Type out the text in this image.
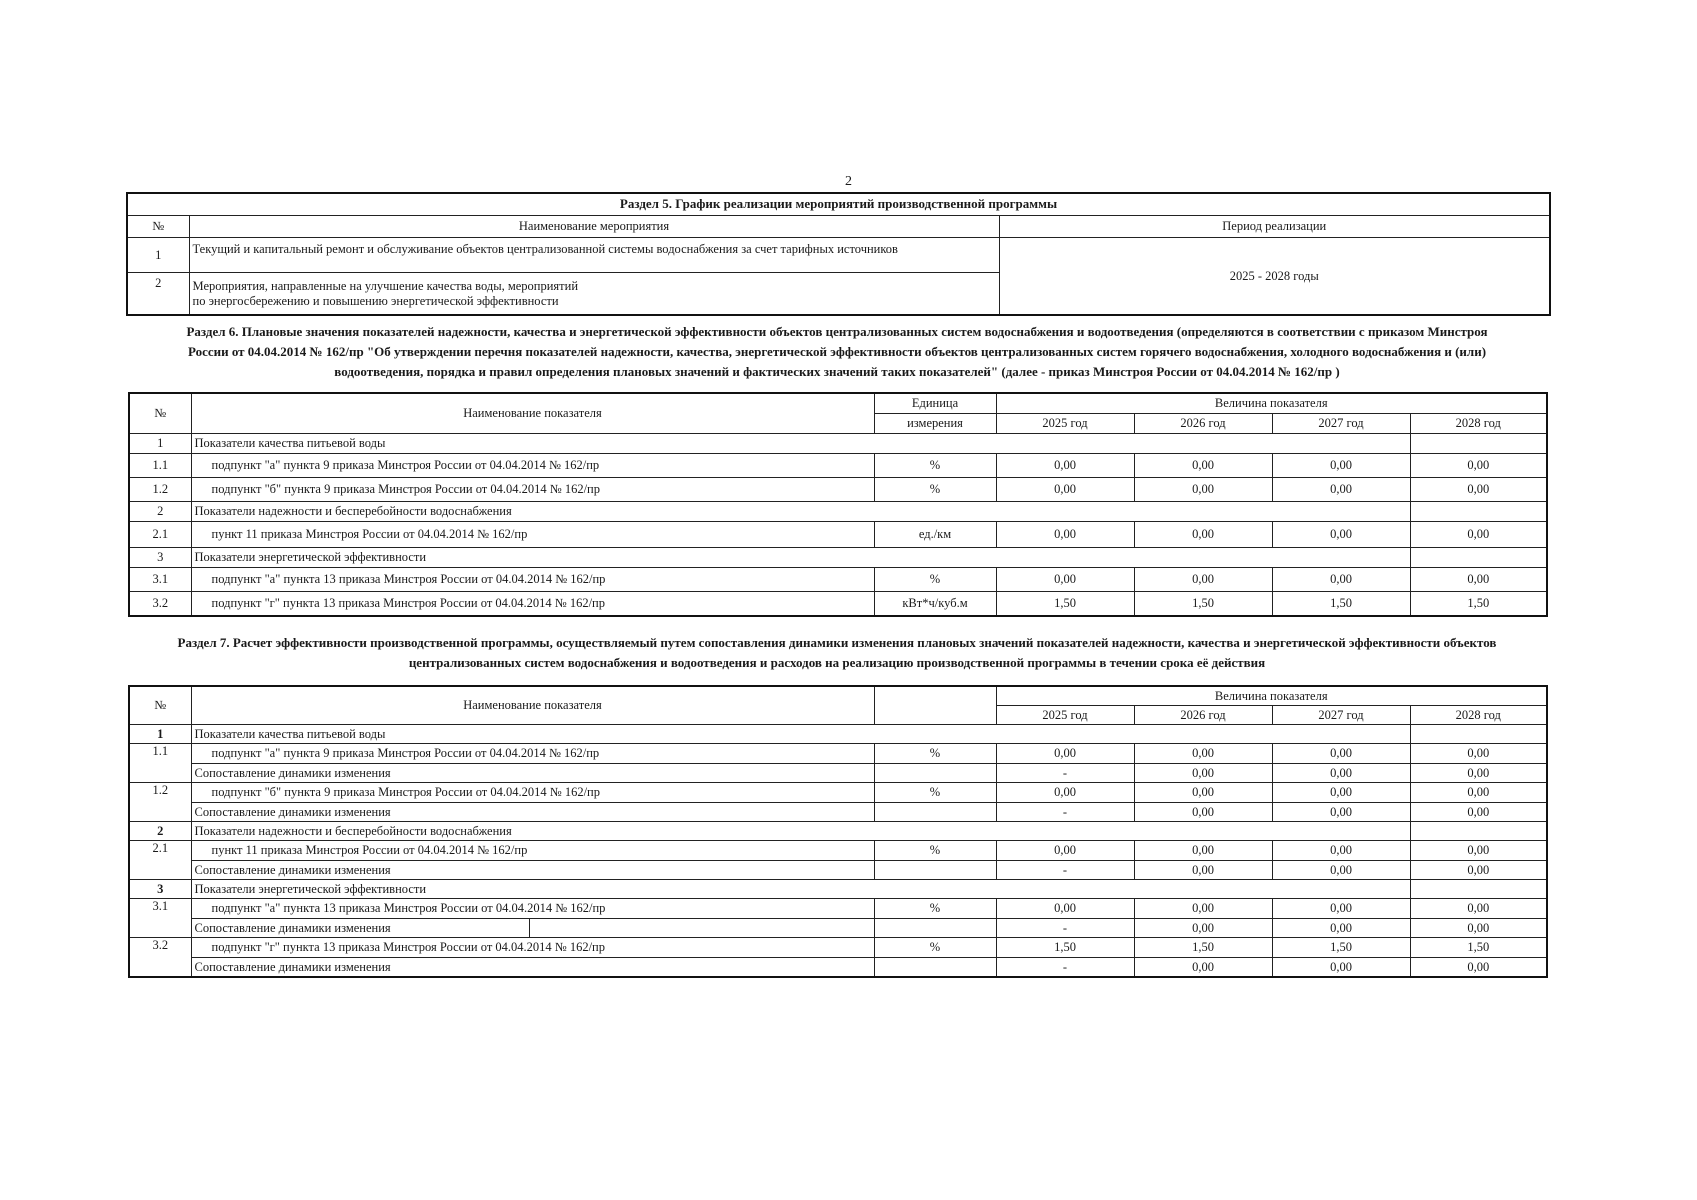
2
Раздел 5. График реализации мероприятий производственной программы		
№	Наименование мероприятия	Период реализации
1	Текущий и капитальный ремонт и обслуживание объектов централизованной системы водоснабжения за счет тарифных источников	2025 - 2028 годы
2	Мероприятия, направленные на улучшение качества воды, мероприятий
по энергосбережению и повышению энергетической эффективности	
Раздел 6. Плановые значения показателей надежности, качества и энергетической эффективности объектов централизованных систем водоснабжения и водоотведения (определяются в соответствии с приказом Минстроя
России от 04.04.2014 № 162/пр "Об утверждении перечня показателей надежности, качества, энергетической эффективности объектов централизованных систем горячего водоснабжения, холодного водоснабжения и (или)
водоотведения, порядка и правил определения плановых значений и фактических значений таких показателей" (далее - приказ Минстроя России от 04.04.2014 № 162/пр )
№	Наименование показателя	Единица	Величина показателя			
		измерения	2025 год	2026 год	2027 год	2028 год
1	Показатели качества питьевой воды					
1.1	подпункт "а" пункта 9 приказа Минстроя России от 04.04.2014 № 162/пр	%	0,00	0,00	0,00	0,00
1.2	подпункт "б" пункта 9 приказа Минстроя России от 04.04.2014 № 162/пр	%	0,00	0,00	0,00	0,00
2	Показатели надежности и бесперебойности водоснабжения					
2.1	пункт 11 приказа Минстроя России от 04.04.2014 № 162/пр	ед./км	0,00	0,00	0,00	0,00
3	Показатели энергетической эффективности					
3.1	подпункт "а" пункта 13 приказа Минстроя России от 04.04.2014 № 162/пр	%	0,00	0,00	0,00	0,00
3.2	подпункт "г" пункта 13 приказа Минстроя России от 04.04.2014 № 162/пр	кВт*ч/куб.м	1,50	1,50	1,50	1,50
Раздел 7. Расчет эффективности производственной программы, осуществляемый путем сопоставления динамики изменения плановых значений показателей надежности, качества и энергетической эффективности объектов
централизованных систем водоснабжения и водоотведения и расходов на реализацию производственной программы в течении срока её действия
№	Наименование показателя		Величина показателя			
			2025 год	2026 год	2027 год	2028 год
1	Показатели качества питьевой воды					
1.1	подпункт "а" пункта 9 приказа Минстроя России от 04.04.2014 № 162/пр	%	0,00	0,00	0,00	0,00
	Сопоставление динамики изменения		-	0,00	0,00	0,00
1.2	подпункт "б" пункта 9 приказа Минстроя России от 04.04.2014 № 162/пр	%	0,00	0,00	0,00	0,00
	Сопоставление динамики изменения		-	0,00	0,00	0,00
2	Показатели надежности и бесперебойности водоснабжения					
2.1	пункт 11 приказа Минстроя России от 04.04.2014 № 162/пр	%	0,00	0,00	0,00	0,00
	Сопоставление динамики изменения		-	0,00	0,00	0,00
3	Показатели энергетической эффективности					
3.1	подпункт "а" пункта 13 приказа Минстроя России от 04.04.2014 № 162/пр	%	0,00	0,00	0,00	0,00
	Сопоставление динамики изменения		-	0,00	0,00	0,00
3.2	подпункт "г" пункта 13 приказа Минстроя России от 04.04.2014 № 162/пр	%	1,50	1,50	1,50	1,50
	Сопоставление динамики изменения		-	0,00	0,00	0,00
